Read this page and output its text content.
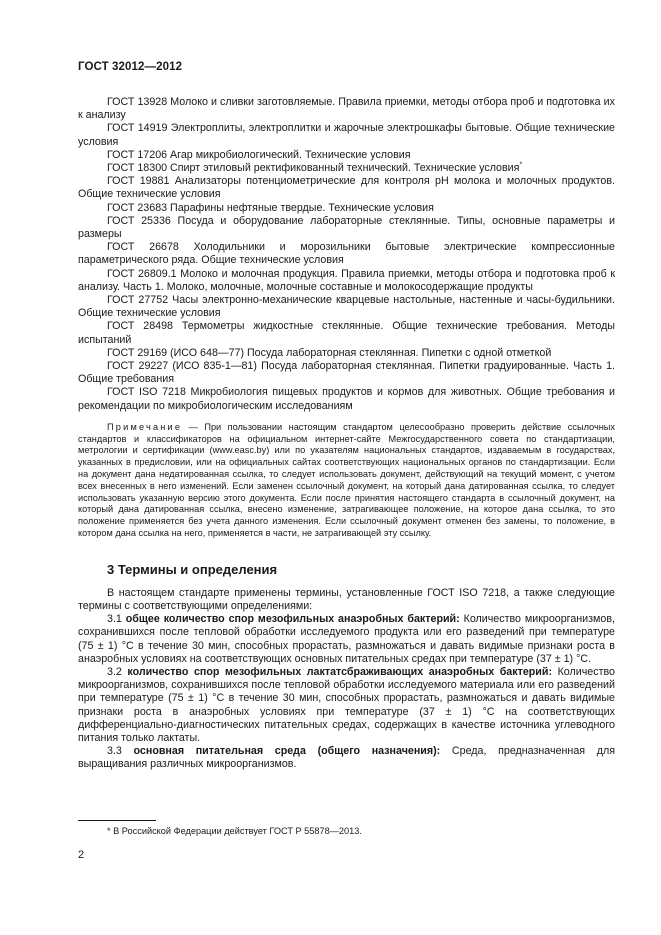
ГОСТ 32012—2012

ГОСТ 13928 Молоко и сливки заготовляемые. Правила приемки, методы отбора проб и подготовка их к анализу

ГОСТ 14919 Электроплиты, электроплитки и жарочные электрошкафы бытовые. Общие технические условия

ГОСТ 17206 Агар микробиологический. Технические условия

ГОСТ 18300 Спирт этиловый ректификованный технический. Технические условия*

ГОСТ 19881 Анализаторы потенциометрические для контроля рН молока и молочных продуктов. Общие технические условия

ГОСТ 23683 Парафины нефтяные твердые. Технические условия

ГОСТ 25336 Посуда и оборудование лабораторные стеклянные. Типы, основные параметры и размеры

ГОСТ 26678 Холодильники и морозильники бытовые электрические компрессионные параметрического ряда. Общие технические условия

ГОСТ 26809.1 Молоко и молочная продукция. Правила приемки, методы отбора и подготовка проб к анализу. Часть 1. Молоко, молочные, молочные составные и молокосодержащие продукты

ГОСТ 27752 Часы электронно-механические кварцевые настольные, настенные и часы-будильники. Общие технические условия

ГОСТ 28498 Термометры жидкостные стеклянные. Общие технические требования. Методы испытаний

ГОСТ 29169 (ИСО 648—77) Посуда лабораторная стеклянная. Пипетки с одной отметкой

ГОСТ 29227 (ИСО 835-1—81) Посуда лабораторная стеклянная. Пипетки градуированные. Часть 1. Общие требования

ГОСТ ISO 7218 Микробиология пищевых продуктов и кормов для животных. Общие требования и рекомендации по микробиологическим исследованиям

Примечание — При пользовании настоящим стандартом целесообразно проверить действие ссылочных стандартов и классификаторов на официальном интернет-сайте Межгосударственного совета по стандартизации, метрологии и сертификации (www.easc.by) или по указателям национальных стандартов, издаваемым в государствах, указанных в предисловии, или на официальных сайтах соответствующих национальных органов по стандартизации. Если на документ дана недатированная ссылка, то следует использовать документ, действующий на текущий момент, с учетом всех внесенных в него изменений. Если заменен ссылочный документ, на который дана датированная ссылка, то следует использовать указанную версию этого документа. Если после принятия настоящего стандарта в ссылочный документ, на который дана датированная ссылка, внесено изменение, затрагивающее положение, на которое дана ссылка, то это положение применяется без учета данного изменения. Если ссылочный документ отменен без замены, то положение, в котором дана ссылка на него, применяется в части, не затрагивающей эту ссылку.

3 Термины и определения

В настоящем стандарте применены термины, установленные ГОСТ ISO 7218, а также следующие термины с соответствующими определениями:

3.1 общее количество спор мезофильных анаэробных бактерий: Количество микроорганизмов, сохранившихся после тепловой обработки исследуемого продукта или его разведений при температуре (75 ± 1) °С в течение 30 мин, способных прорастать, размножаться и давать видимые признаки роста в анаэробных условиях на соответствующих основных питательных средах при температуре (37 ± 1) °С.

3.2 количество спор мезофильных лактатсбраживающих анаэробных бактерий: Количество микроорганизмов, сохранившихся после тепловой обработки исследуемого материала или его разведений при температуре (75 ± 1) °С в течение 30 мин, способных прорастать, размножаться и давать видимые признаки роста в анаэробных условиях при температуре (37 ± 1) °С на соответствующих дифференциально-диагностических питательных средах, содержащих в качестве источника углеводного питания только лактаты.

3.3 основная питательная среда (общего назначения): Среда, предназначенная для выращивания различных микроорганизмов.

* В Российской Федерации действует ГОСТ Р 55878—2013.
2
